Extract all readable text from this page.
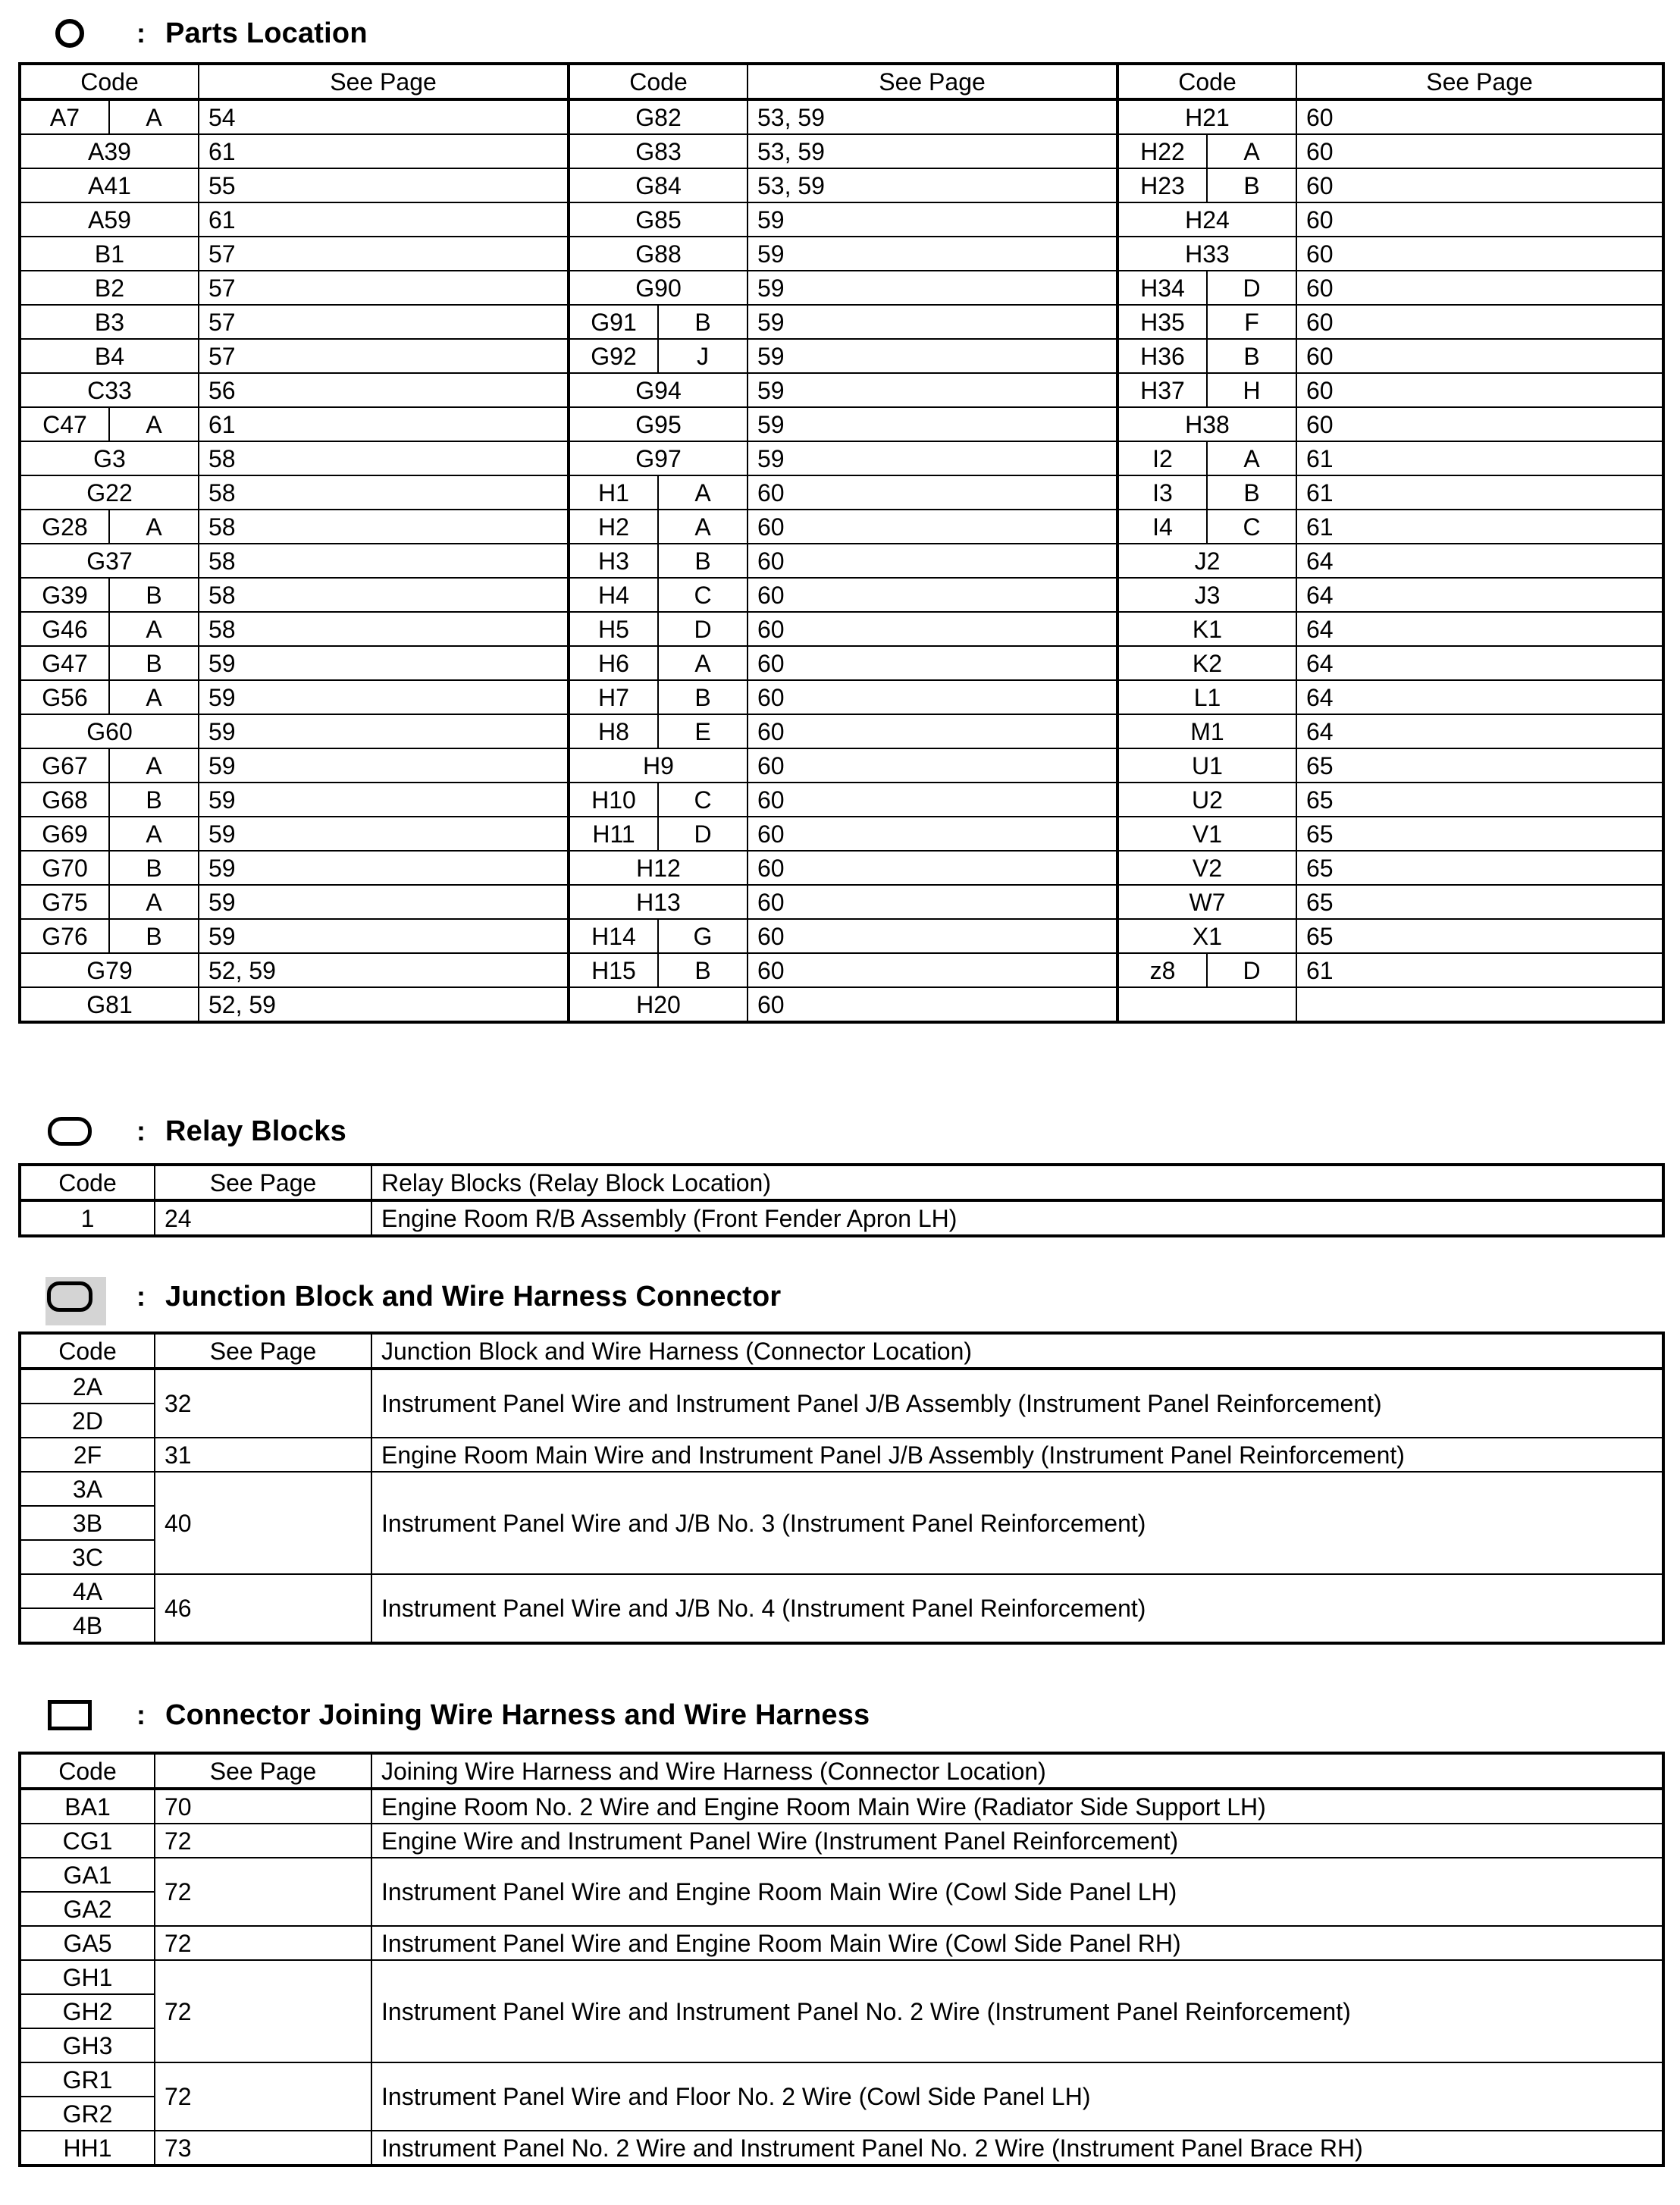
: Parts Location
Code		See Page	Code		See Page	Code		See Page
A7	A	54	G82		53, 59	H21		60
A39		61	G83		53, 59	H22	A	60
A41		55	G84		53, 59	H23	B	60
A59		61	G85		59	H24		60
B1		57	G88		59	H33		60
B2		57	G90		59	H34	D	60
B3		57	G91	B	59	H35	F	60
B4		57	G92	J	59	H36	B	60
C33		56	G94		59	H37	H	60
C47	A	61	G95		59	H38		60
G3		58	G97		59	I2	A	61
G22		58	H1	A	60	I3	B	61
G28	A	58	H2	A	60	I4	C	61
G37		58	H3	B	60	J2		64
G39	B	58	H4	C	60	J3		64
G46	A	58	H5	D	60	K1		64
G47	B	59	H6	A	60	K2		64
G56	A	59	H7	B	60	L1		64
G60		59	H8	E	60	M1		64
G67	A	59	H9		60	U1		65
G68	B	59	H10	C	60	U2		65
G69	A	59	H11	D	60	V1		65
G70	B	59	H12		60	V2		65
G75	A	59	H13		60	W7		65
G76	B	59	H14	G	60	X1		65
G79		52, 59	H15	B	60	z8	D	61
G81		52, 59	H20		60			
: Relay Blocks
Code	See Page	Relay Blocks (Relay Block Location)
1	24	Engine Room R/B Assembly (Front Fender Apron LH)
: Junction Block and Wire Harness Connector
Code	See Page	Junction Block and Wire Harness (Connector Location)
2A	32	Instrument Panel Wire and Instrument Panel J/B Assembly (Instrument Panel Reinforcement)
2D		
2F	31	Engine Room Main Wire and Instrument Panel J/B Assembly (Instrument Panel Reinforcement)
3A	40	Instrument Panel Wire and J/B No. 3 (Instrument Panel Reinforcement)
3B		
3C		
4A	46	Instrument Panel Wire and J/B No. 4 (Instrument Panel Reinforcement)
4B		
: Connector Joining Wire Harness and Wire Harness
Code	See Page	Joining Wire Harness and Wire Harness (Connector Location)
BA1	70	Engine Room No. 2 Wire and Engine Room Main Wire (Radiator Side Support LH)
CG1	72	Engine Wire and Instrument Panel Wire (Instrument Panel Reinforcement)
GA1	72	Instrument Panel Wire and Engine Room Main Wire (Cowl Side Panel LH)
GA2		
GA5	72	Instrument Panel Wire and Engine Room Main Wire (Cowl Side Panel RH)
GH1	72	Instrument Panel Wire and Instrument Panel No. 2 Wire (Instrument Panel Reinforcement)
GH2		
GH3		
GR1	72	Instrument Panel Wire and Floor No. 2 Wire (Cowl Side Panel LH)
GR2		
HH1	73	Instrument Panel No. 2 Wire and Instrument Panel No. 2 Wire (Instrument Panel Brace RH)
